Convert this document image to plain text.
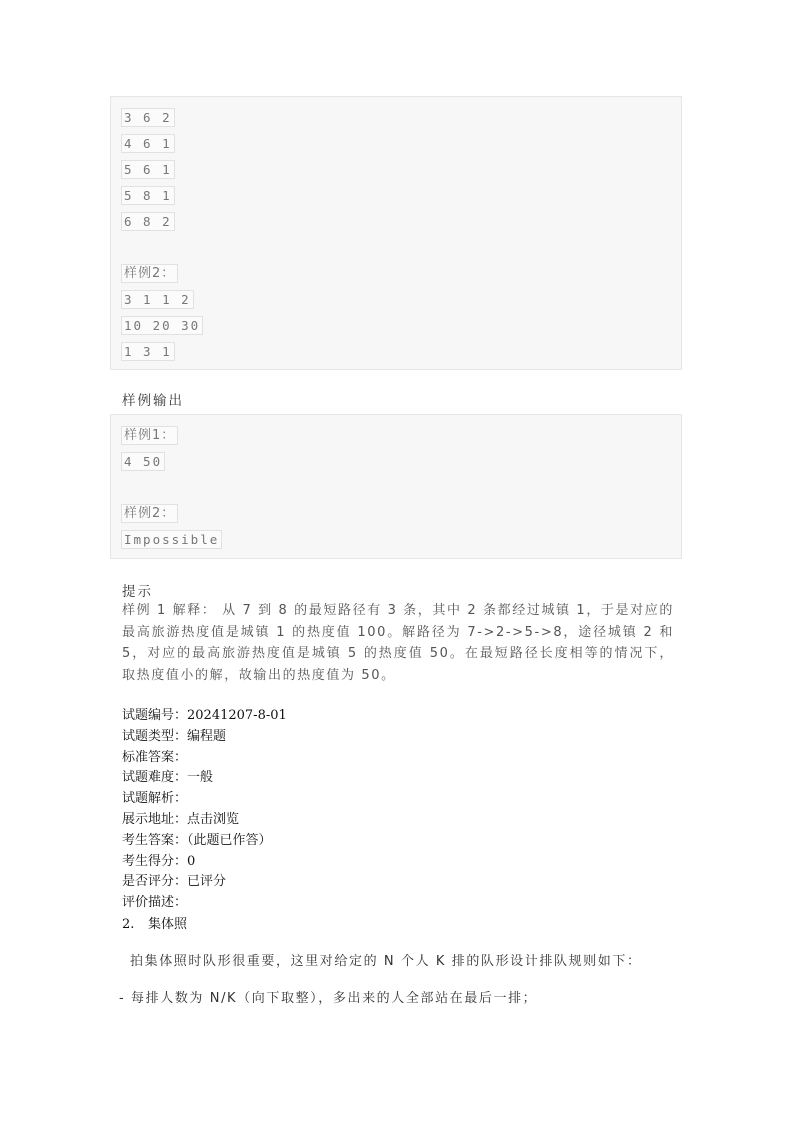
3 6 2
4 6 1
5 6 1
5 8 1
6 8 2
样例2：
3 1 1 2
10 20 30
1 3 1
样例输出
样例1：
4 50
样例2：
Impossible
提示
样例 1 解释： 从 7 到 8 的最短路径有 3 条，其中 2 条都经过城镇 1，于是对应的最高旅游热度值是城镇 1 的热度值 100。解路径为 7->2->5->8，途径城镇 2 和 5，对应的最高旅游热度值是城镇 5 的热度值 50。在最短路径长度相等的情况下，取热度值小的解，故输出的热度值为 50。
试题编号：20241207-8-01
试题类型：编程题
标准答案：
试题难度：一般
试题解析：
展示地址：点击浏览
考生答案：（此题已作答）
考生得分：0
是否评分：已评分
评价描述：
2. 集体照
拍集体照时队形很重要，这里对给定的 N 个人 K 排的队形设计排队规则如下：
- 每排人数为 N/K（向下取整），多出来的人全部站在最后一排；
